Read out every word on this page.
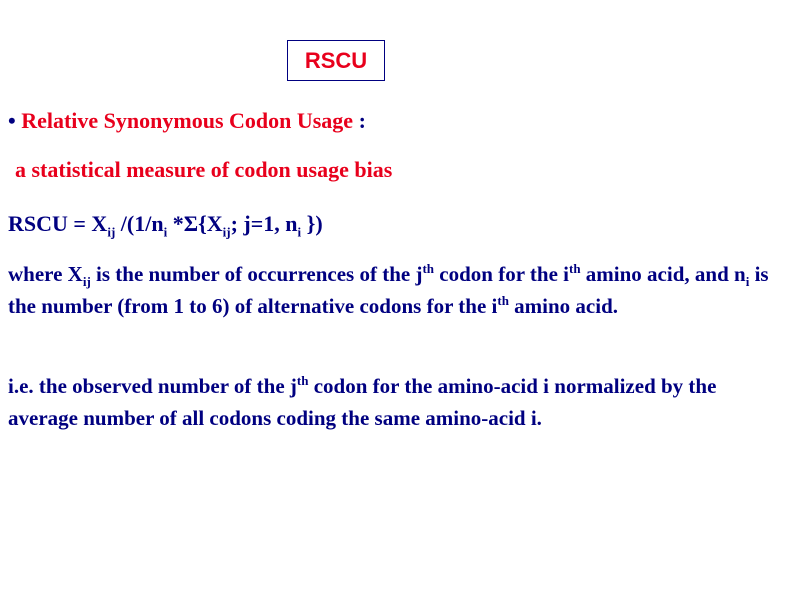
RSCU
• Relative Synonymous Codon Usage :
a statistical measure of codon usage bias
RSCU = $X_{ij}$ $/(1/n_i$ $*\Sigma\{X_{ij}$; j=1, $n_i$ })
where $X_{ij}$ is the number of occurrences of the $j^{th}$ codon for the $i^{th}$ amino acid, and $n_i$ is the number (from 1 to 6) of alternative codons for the $i^{th}$ amino acid.
i.e. the observed number of the $j^{th}$ codon for the amino-acid i normalized by the average number of all codons coding the same amino-acid i.
